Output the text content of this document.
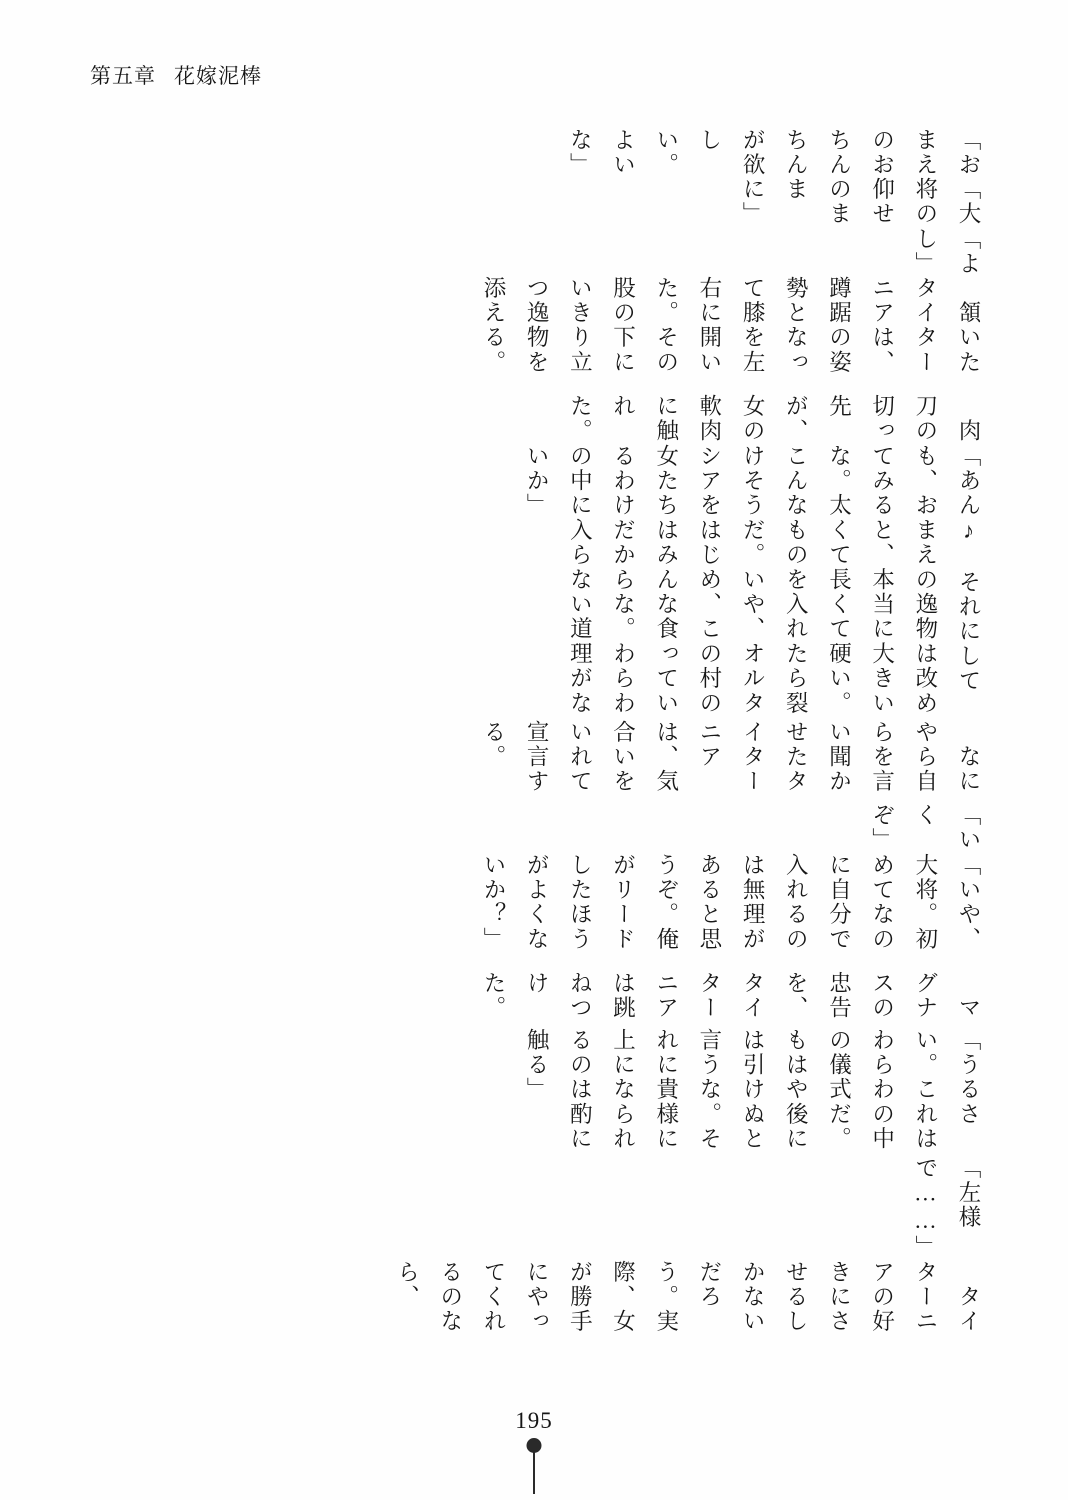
第五章 花嫁泥棒
「おまえのおちんちんが欲しい。よいな」
「大将の仰せのままに」
「よし」
　頷いたタイターニアは、蹲踞の姿勢となって膝を左右に開いた。その股の下にいきり立つ逸物を添える。
　肉刀の切っ先が、女の軟肉に触れた。
「あん♪　それにしても、おまえの逸物は改めてみると、本当に大きいな。太くて長くて硬い。こんなものを入れたら裂けそうだ。いや、オルタシアをはじめ、この村の女たちはみんな食っているわけだからな。わらわの中に入らない道理がないか」
　なにやら自らを言い聞かせたタイターニアは、気合いをいれて宣言する。
「いくぞ」
「いや、大将。初めてなのに自分で入れるのは無理があると思うぞ。俺がリードしたほうがよくないか？」
　マグナスの忠告を、タイターニアは跳ねつけた。
「うるさい。これはわらわの中の儀式だ。もはや後には引けぬと言うな。それに貴様に上になられるのは酌に触る」
「左様で……」
　タイターニアの好きにさせるしかないだろう。実際、女が勝手にやってくれるのなら、
195
